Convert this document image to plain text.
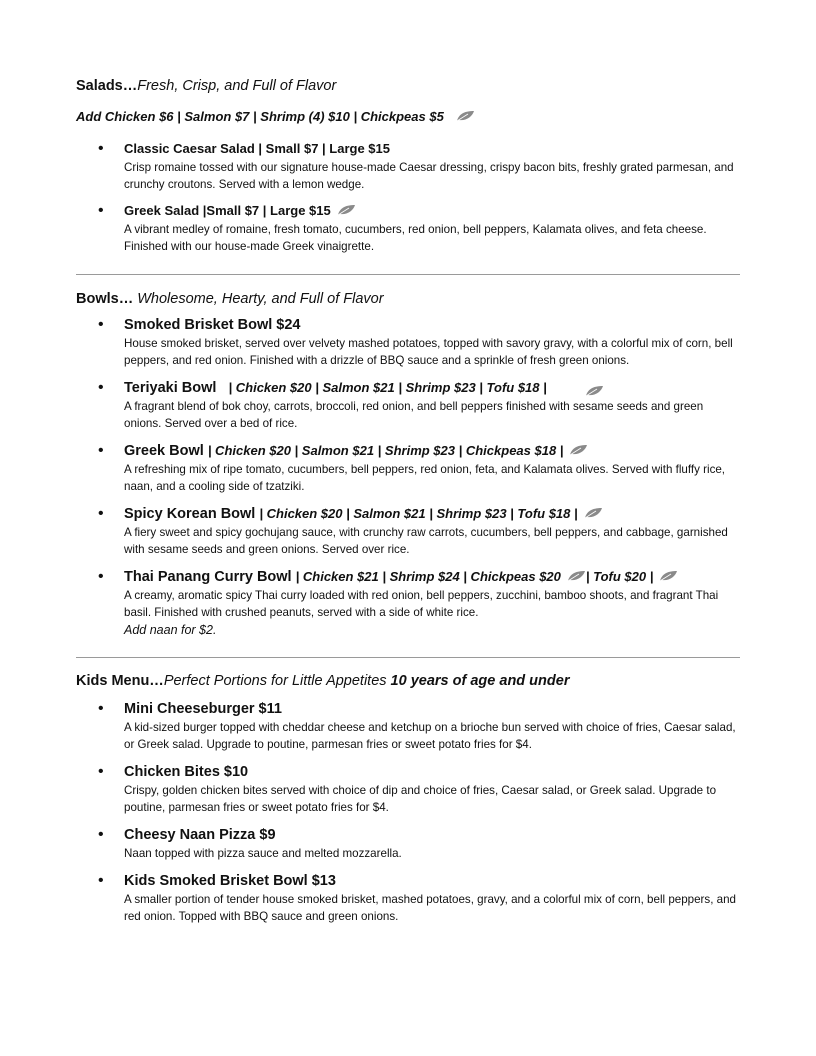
Salads…Fresh, Crisp, and Full of Flavor

Add Chicken $6 | Salmon $7 | Shrimp (4) $10 | Chickpeas $5
• Classic Caesar Salad | Small $7 | Large $15
Crisp romaine tossed with our signature house-made Caesar dressing, crispy bacon bits, freshly grated parmesan, and crunchy croutons. Served with a lemon wedge.
• Greek Salad |Small $7 | Large $15
A vibrant medley of romaine, fresh tomato, cucumbers, red onion, bell peppers, Kalamata olives, and feta cheese. Finished with our house-made Greek vinaigrette.

Bowls… Wholesome, Hearty, and Full of Flavor

• Smoked Brisket Bowl $24
House smoked brisket, served over velvety mashed potatoes, topped with savory gravy, with a colorful mix of corn, bell peppers, and red onion. Finished with a drizzle of BBQ sauce and a sprinkle of fresh green onions.
• Teriyaki Bowl | Chicken $20 | Salmon $21 | Shrimp $23 | Tofu $18 |
A fragrant blend of bok choy, carrots, broccoli, red onion, and bell peppers finished with sesame seeds and green onions. Served over a bed of rice.
• Greek Bowl | Chicken $20 | Salmon $21 | Shrimp $23 | Chickpeas $18 |
A refreshing mix of ripe tomato, cucumbers, bell peppers, red onion, feta, and Kalamata olives. Served with fluffy rice, naan, and a cooling side of tzatziki.
• Spicy Korean Bowl | Chicken $20 | Salmon $21 | Shrimp $23 | Tofu $18 |
A fiery sweet and spicy gochujang sauce, with crunchy raw carrots, cucumbers, bell peppers, and cabbage, garnished with sesame seeds and green onions. Served over rice.
• Thai Panang Curry Bowl | Chicken $21 | Shrimp $24 | Chickpeas $20 | Tofu $20 |
A creamy, aromatic spicy Thai curry loaded with red onion, bell peppers, zucchini, bamboo shoots, and fragrant Thai basil. Finished with crushed peanuts, served with a side of white rice.
Add naan for $2.

Kids Menu…Perfect Portions for Little Appetites 10 years of age and under

• Mini Cheeseburger $11
A kid-sized burger topped with cheddar cheese and ketchup on a brioche bun served with choice of fries, Caesar salad, or Greek salad. Upgrade to poutine, parmesan fries or sweet potato fries for $4.
• Chicken Bites $10
Crispy, golden chicken bites served with choice of dip and choice of fries, Caesar salad, or Greek salad. Upgrade to poutine, parmesan fries or sweet potato fries for $4.
• Cheesy Naan Pizza $9
Naan topped with pizza sauce and melted mozzarella.
• Kids Smoked Brisket Bowl $13
A smaller portion of tender house smoked brisket, mashed potatoes, gravy, and a colorful mix of corn, bell peppers, and red onion. Topped with BBQ sauce and green onions.
